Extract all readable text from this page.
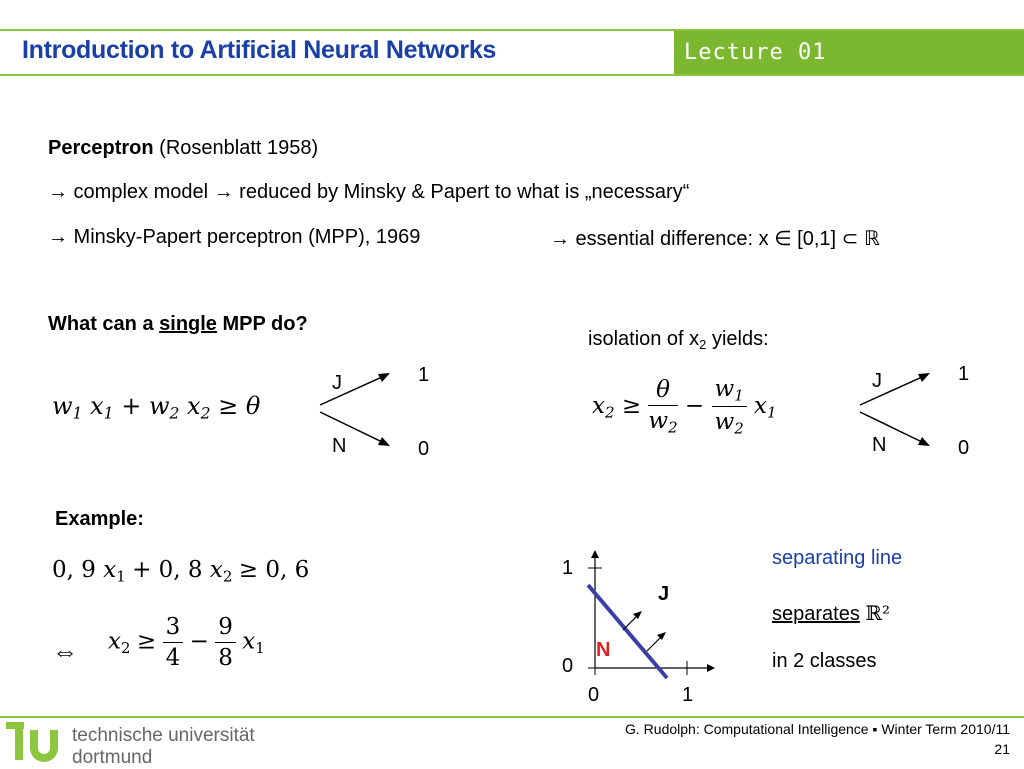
Introduction to Artificial Neural Networks	Lecture 01
Perceptron (Rosenblatt 1958)
→ complex model → reduced by Minsky & Papert to what is „necessary“
→ Minsky-Papert perceptron (MPP), 1969	→ essential difference: x ∈ [0,1] ⊂ ℝ
What can a single MPP do?
$w_1$ $x_1 + w_2$ $x_2 \ge \theta$
J
N
1
0
isolation of $x_2$ yields:
$x_2 \ge \frac{\theta}{w_2} - \frac{w_1}{w_2} x_1$
J
N
1
0
Example:
0, 9 $x_1 + 0$, 8 $x_2 \ge 0$, 6
⇔ $x_2 \ge \frac{3}{4} - \frac{9}{8} x_1$
1
0
0	1
J
N
separating line
separates ℝ²
in 2 classes
technische universität
dortmund
G. Rudolph: Computational Intelligence ▪ Winter Term 2010/11
21
